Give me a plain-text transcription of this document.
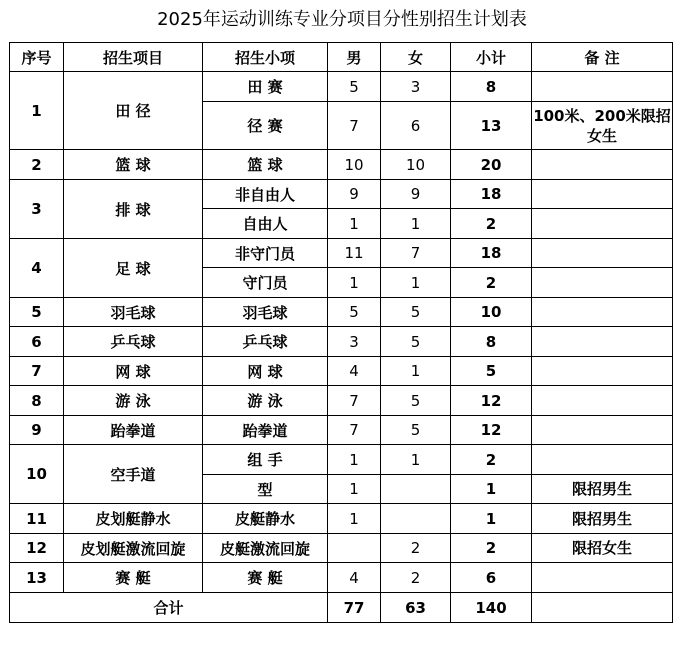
2025年运动训练专业分项目分性别招生计划表
序号	招生项目	招生小项	男	女	小计	备 注
1	田 径	田 赛	5	3	8	
		径 赛	7	6	13	100米、200米限招女生
2	篮 球	篮 球	10	10	20	
3	排 球	非自由人	9	9	18	
		自由人	1	1	2	
4	足 球	非守门员	11	7	18	
		守门员	1	1	2	
5	羽毛球	羽毛球	5	5	10	
6	乒乓球	乒乓球	3	5	8	
7	网 球	网 球	4	1	5	
8	游 泳	游 泳	7	5	12	
9	跆拳道	跆拳道	7	5	12	
10	空手道	组 手	1	1	2	
		型	1		1	限招男生
11	皮划艇静水	皮艇静水	1		1	限招男生
12	皮划艇激流回旋	皮艇激流回旋		2	2	限招女生
13	赛 艇	赛 艇	4	2	6	
合计			77	63	140	
